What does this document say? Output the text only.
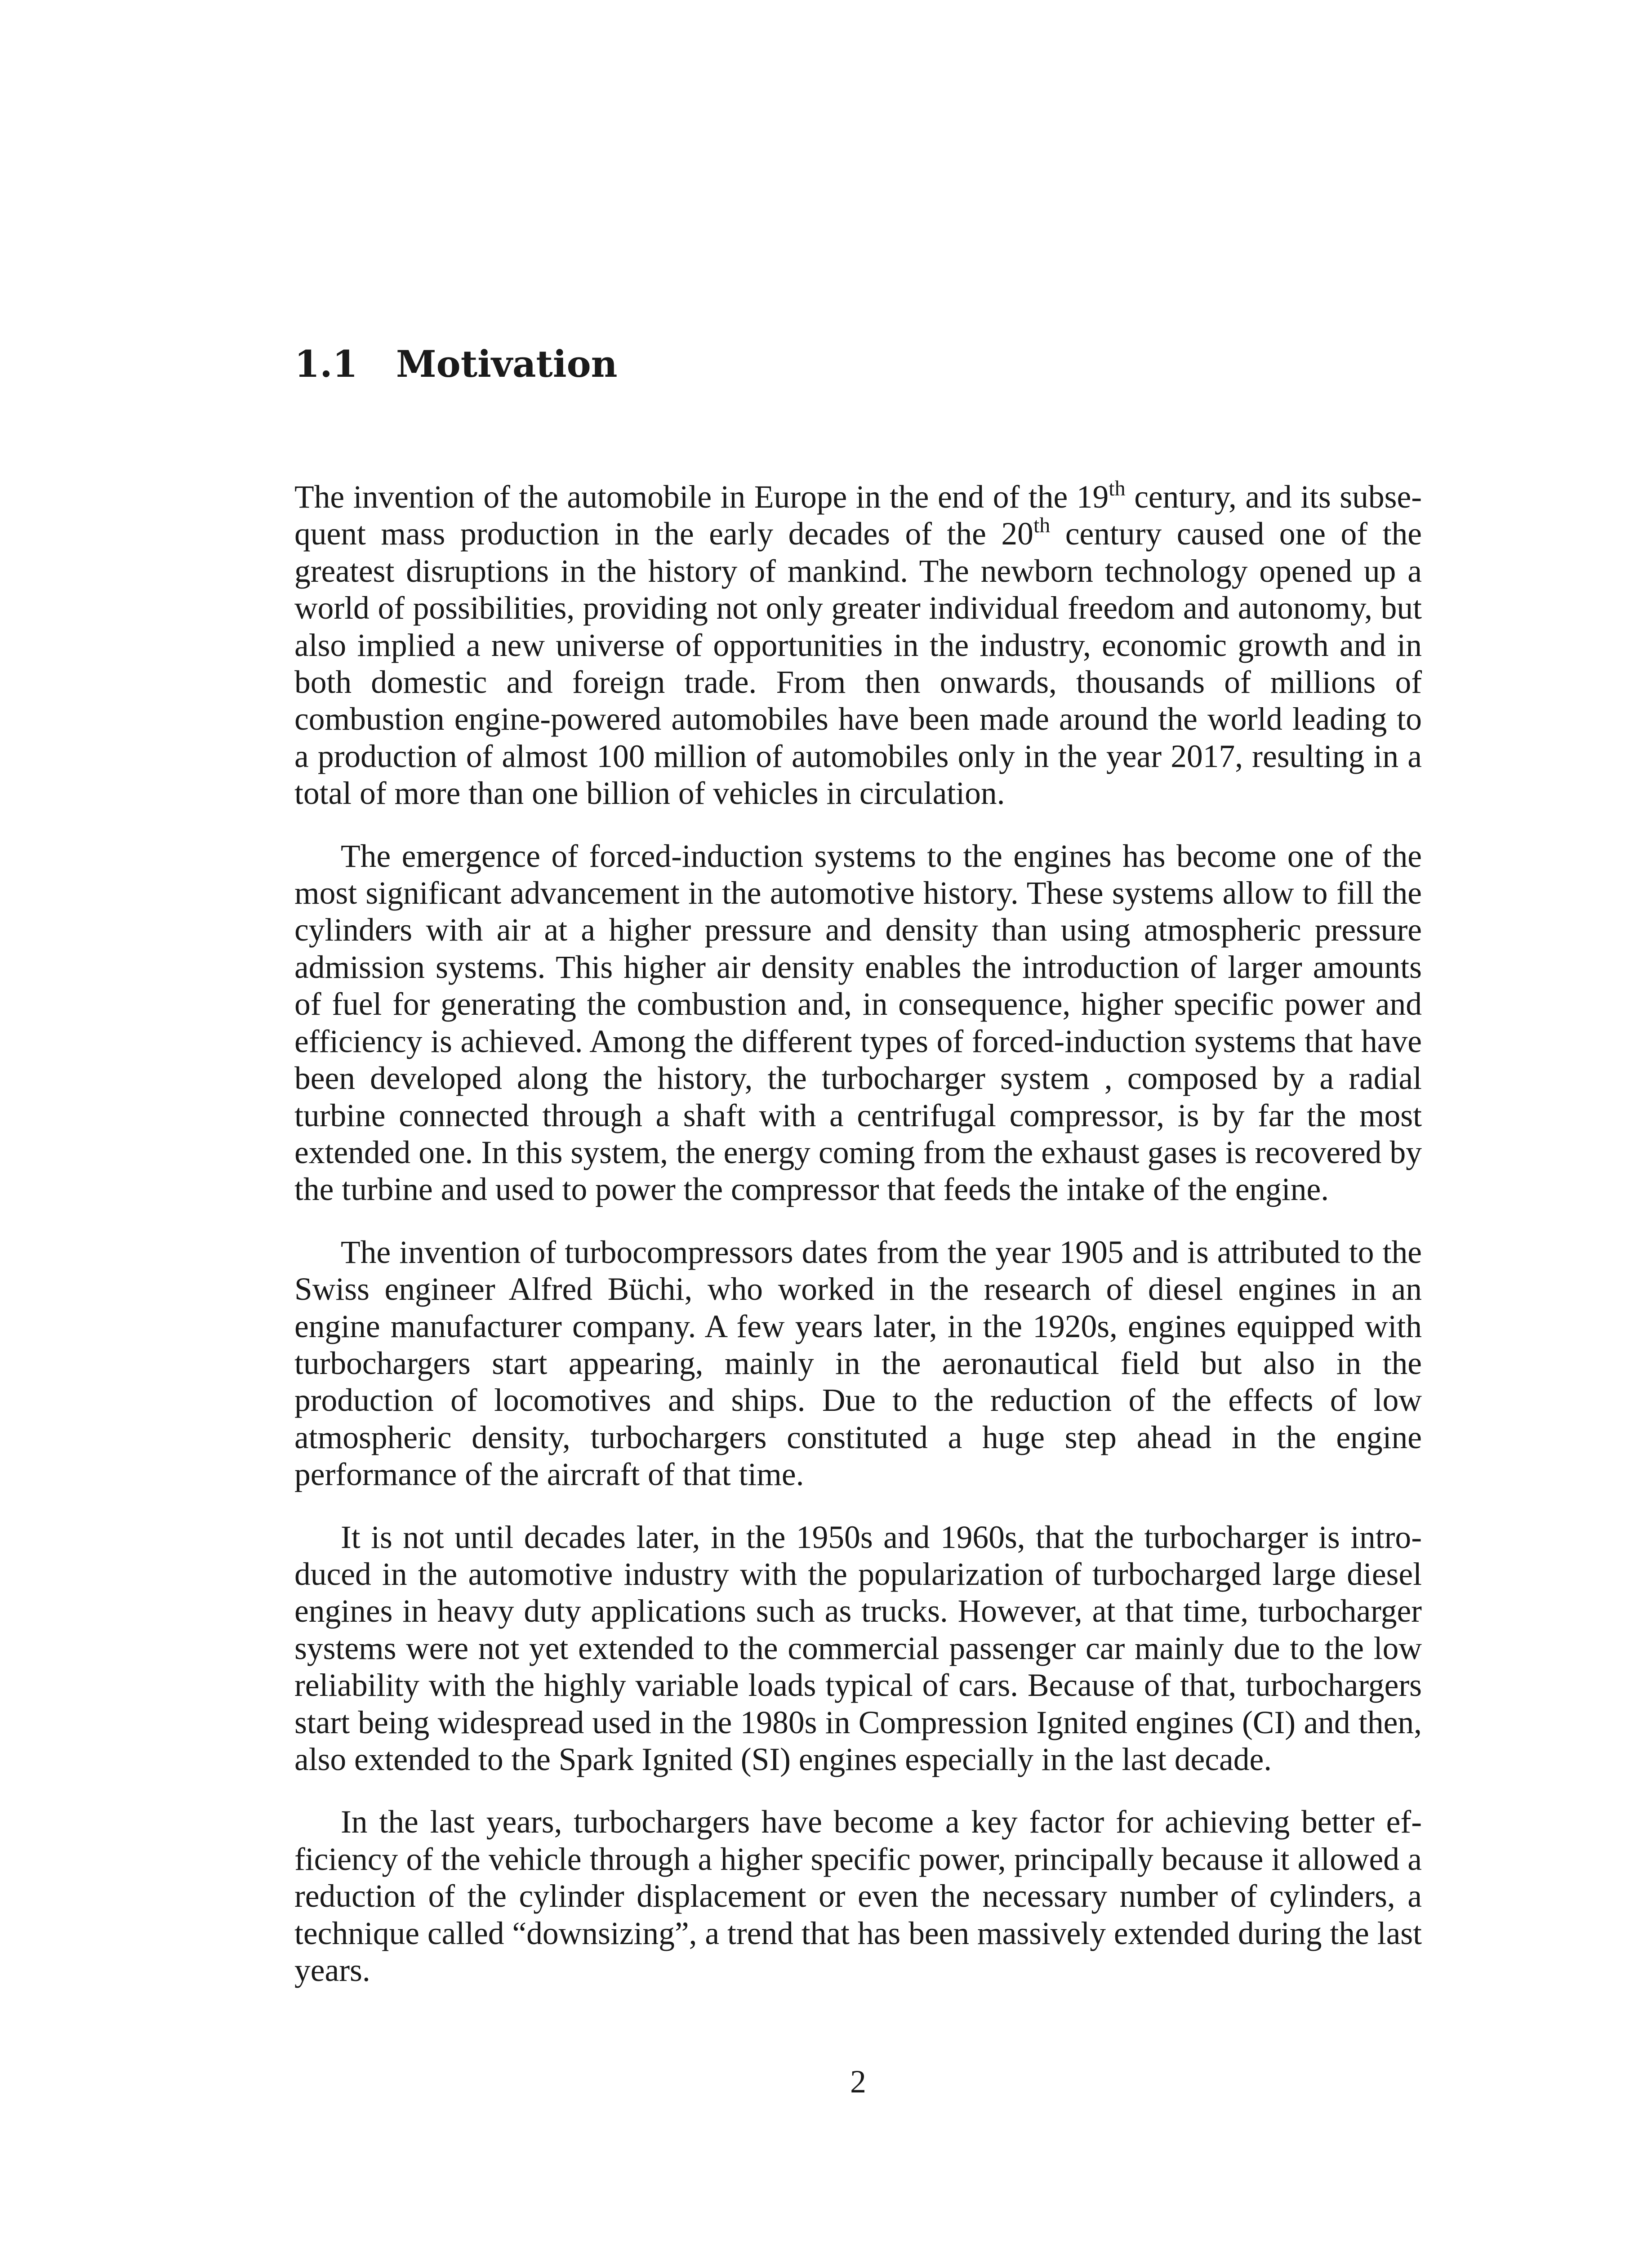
1.1 Motivation

The invention of the automobile in Europe in the end of the 19th century, and its subsequent mass production in the early decades of the 20th century caused one of the greatest disruptions in the history of mankind. The newborn technology opened up a world of possibilities, providing not only greater individual freedom and autonomy, but also implied a new universe of opportunities in the industry, economic growth and in both domestic and foreign trade. From then onwards, thousands of millions of combustion engine-powered automobiles have been made around the world leading to a production of almost 100 million of automobiles only in the year 2017, resulting in a total of more than one billion of vehicles in circulation.

The emergence of forced-induction systems to the engines has become one of the most significant advancement in the automotive history. These systems allow to fill the cylinders with air at a higher pressure and density than using atmospheric pressure admission systems. This higher air density enables the introduction of larger amounts of fuel for generating the combustion and, in consequence, higher specific power and efficiency is achieved. Among the different types of forced-induction systems that have been developed along the history, the turbocharger system , composed by a radial turbine connected through a shaft with a centrifugal compressor, is by far the most extended one. In this system, the energy coming from the exhaust gases is recovered by the turbine and used to power the compressor that feeds the intake of the engine.

The invention of turbocompressors dates from the year 1905 and is attributed to the Swiss engineer Alfred Büchi, who worked in the research of diesel engines in an engine manufacturer company. A few years later, in the 1920s, engines equipped with turbochargers start appearing, mainly in the aeronautical field but also in the production of locomotives and ships. Due to the reduction of the effects of low atmospheric density, turbochargers constituted a huge step ahead in the engine performance of the aircraft of that time.

It is not until decades later, in the 1950s and 1960s, that the turbocharger is introduced in the automotive industry with the popularization of turbocharged large diesel engines in heavy duty applications such as trucks. However, at that time, turbocharger systems were not yet extended to the commercial passenger car mainly due to the low reliability with the highly variable loads typical of cars. Because of that, turbochargers start being widespread used in the 1980s in Compression Ignited engines (CI) and then, also extended to the Spark Ignited (SI) engines especially in the last decade.

In the last years, turbochargers have become a key factor for achieving better efficiency of the vehicle through a higher specific power, principally because it allowed a reduction of the cylinder displacement or even the necessary number of cylinders, a technique called “downsizing”, a trend that has been massively extended during the last years.

2
